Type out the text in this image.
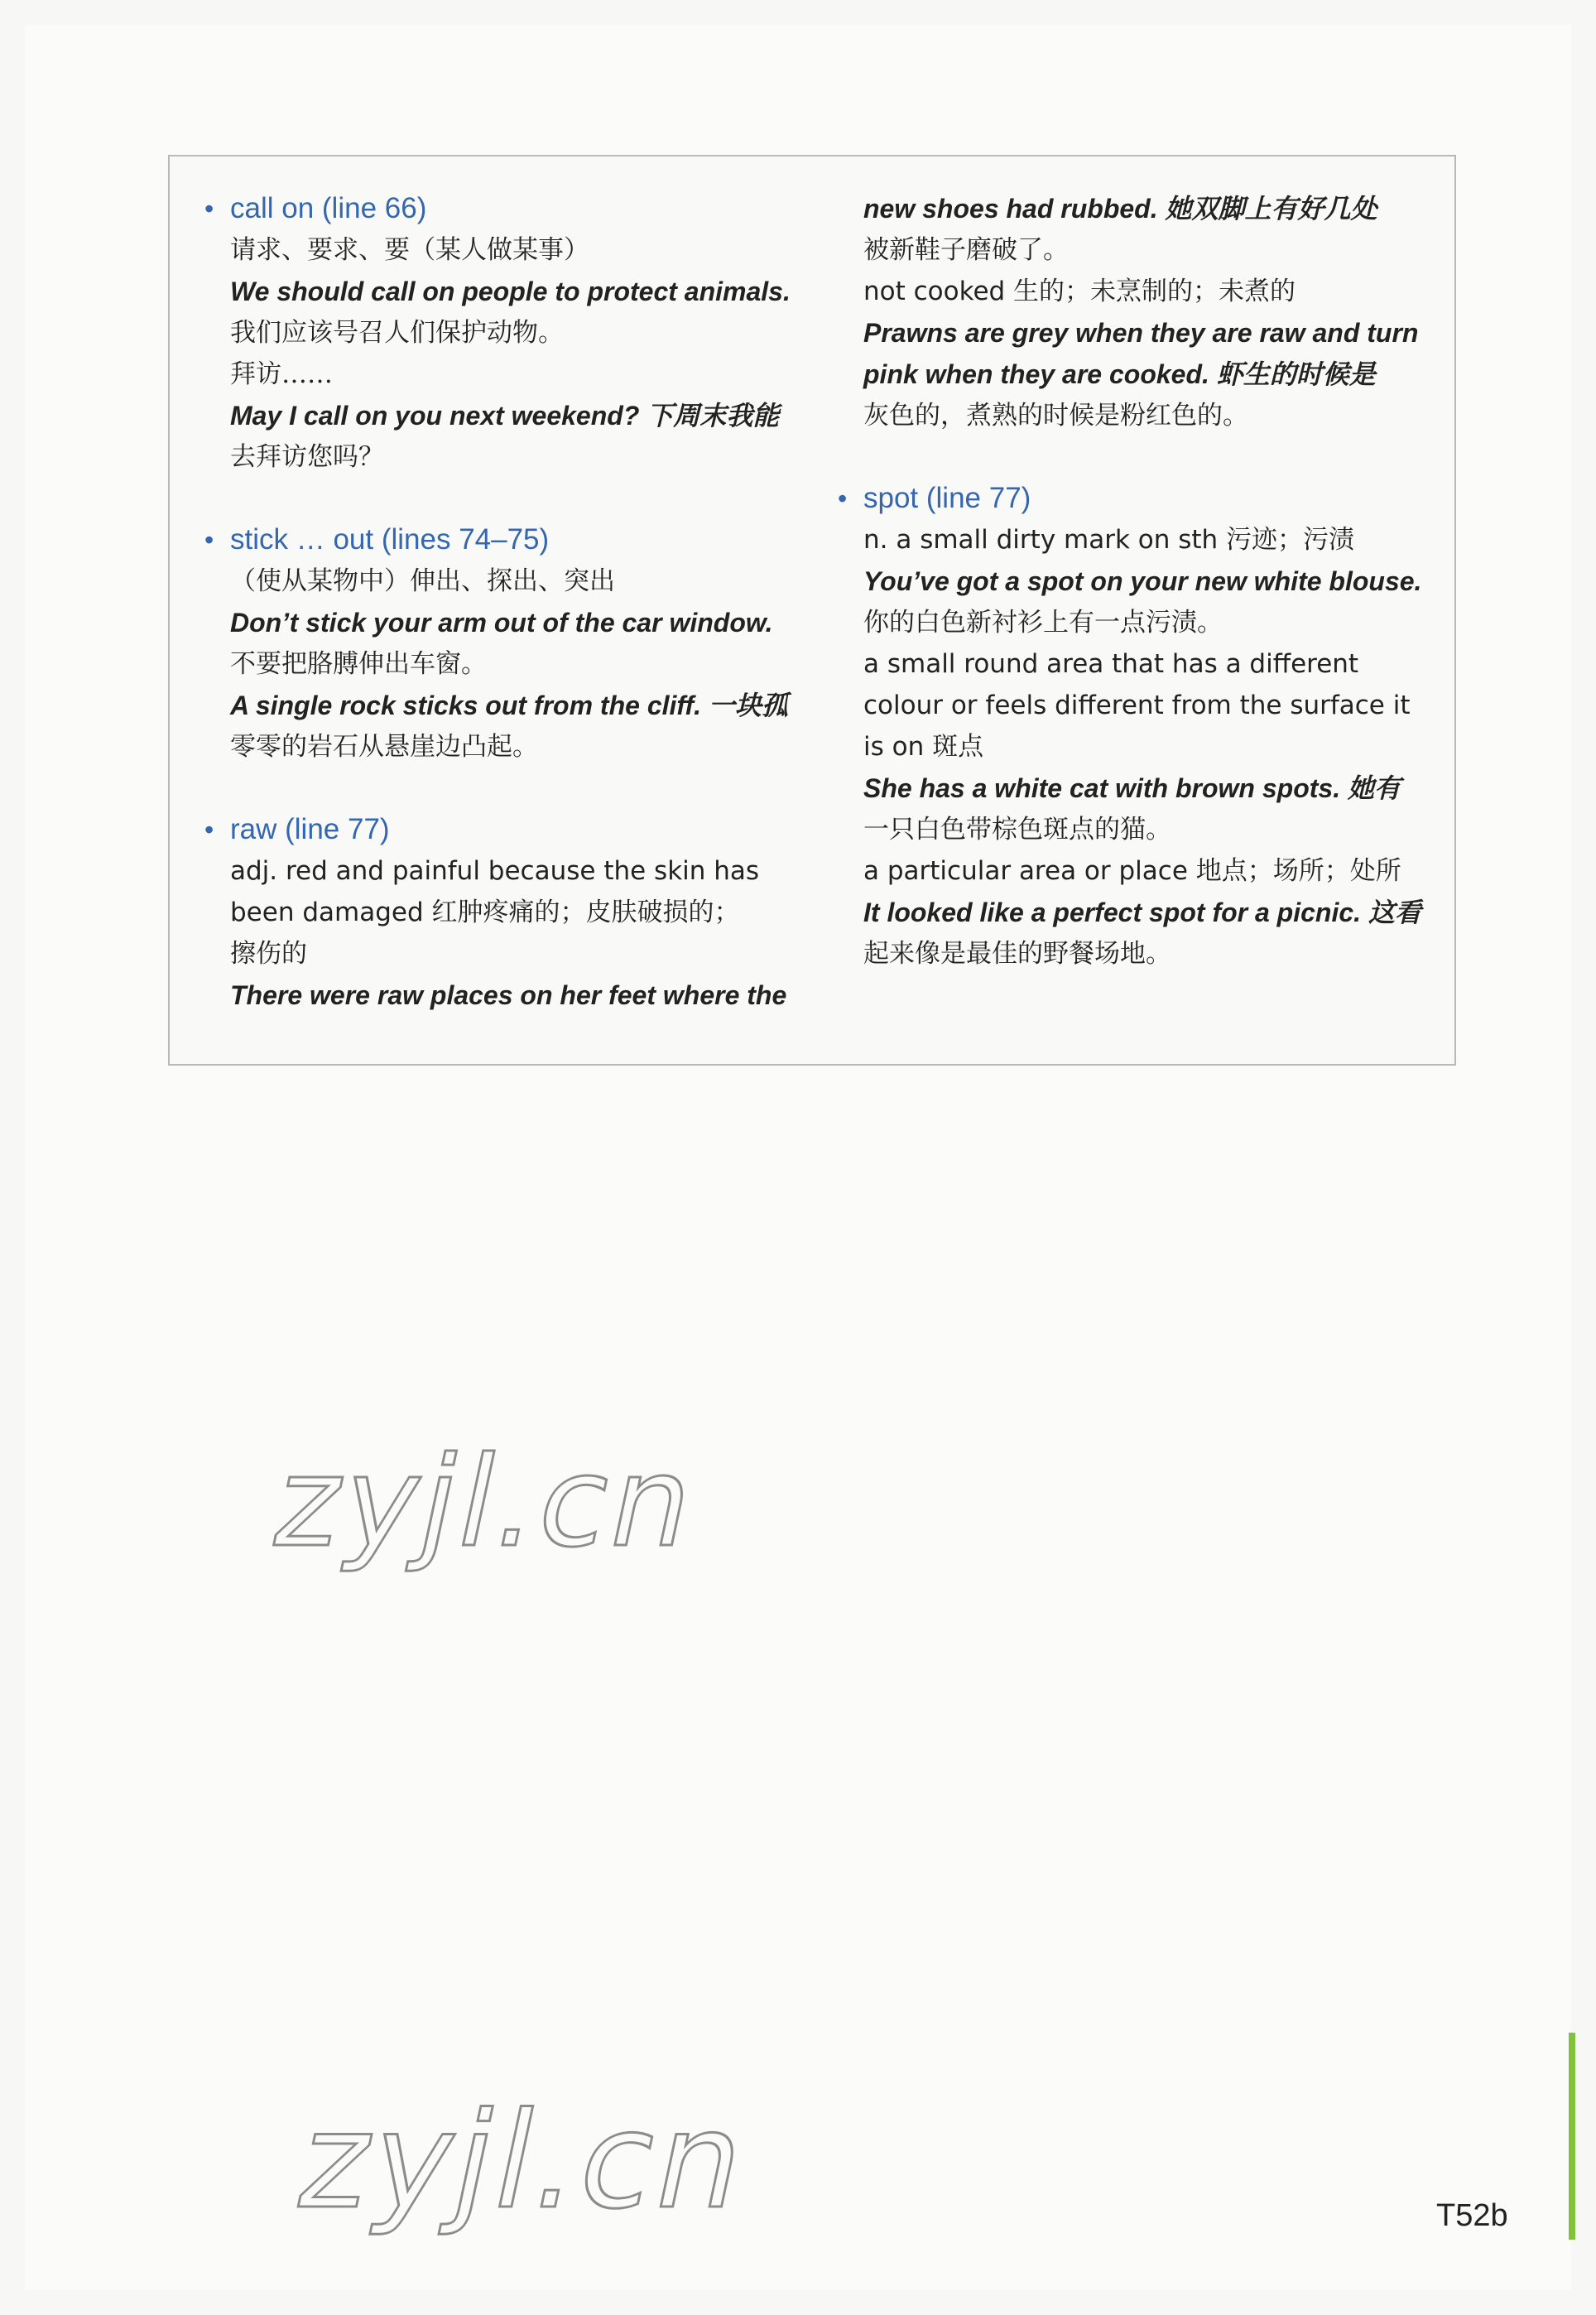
• call on (line 66)
请求、要求、要（某人做某事）
We should call on people to protect animals.
我们应该号召人们保护动物。
拜访……
May I call on you next weekend? 下周末我能
去拜访您吗？
• stick … out (lines 74–75)
（使从某物中）伸出、探出、突出
Don’t stick your arm out of the car window.
不要把胳膊伸出车窗。
A single rock sticks out from the cliff. 一块孤
零零的岩石从悬崖边凸起。
• raw (line 77)
adj. red and painful because the skin has
been damaged 红肿疼痛的；皮肤破损的；
擦伤的
There were raw places on her feet where the
new shoes had rubbed. 她双脚上有好几处
被新鞋子磨破了。
not cooked 生的；未烹制的；未煮的
Prawns are grey when they are raw and turn
pink when they are cooked. 虾生的时候是
灰色的，煮熟的时候是粉红色的。
• spot (line 77)
n. a small dirty mark on sth 污迹；污渍
You’ve got a spot on your new white blouse.
你的白色新衬衫上有一点污渍。
a small round area that has a different
colour or feels different from the surface it
is on 斑点
She has a white cat with brown spots. 她有
一只白色带棕色斑点的猫。
a particular area or place 地点；场所；处所
It looked like a perfect spot for a picnic. 这看
起来像是最佳的野餐场地。
zyjl.cn
zyjl.cn	T52b
